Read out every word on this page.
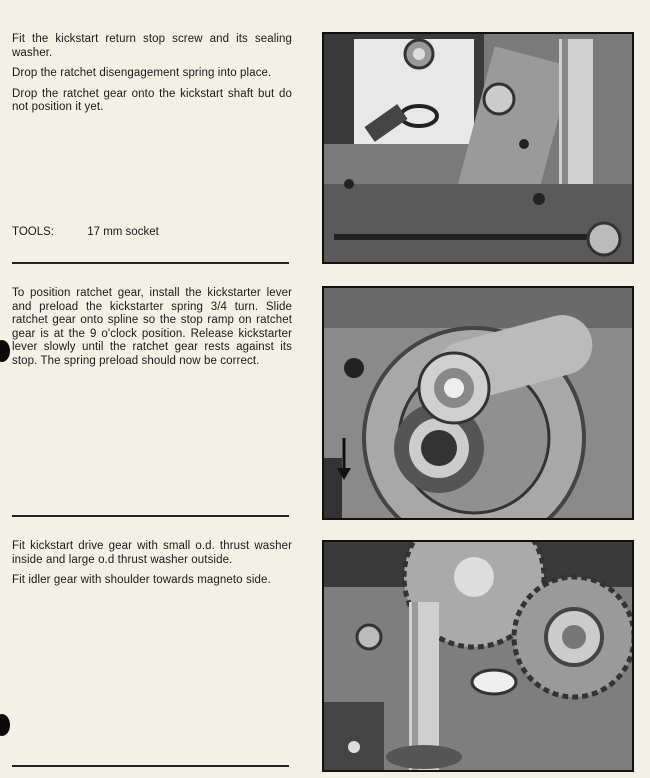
Fit the kickstart return stop screw and its sealing washer.

Drop the ratchet disengagement spring into place.

Drop the ratchet gear onto the kickstart shaft but do not position it yet.

TOOLS:	17 mm socket

To position ratchet gear, install the kickstarter lever and preload the kickstarter spring 3/4 turn. Slide ratchet gear onto spline so the stop ramp on ratchet gear is at the 9 o'clock position. Release kickstarter lever slowly until the ratchet gear rests against its stop. The spring preload should now be correct.

Fit kickstart drive gear with small o.d. thrust washer inside and large o.d thrust washer outside.

Fit idler gear with shoulder towards magneto side.
